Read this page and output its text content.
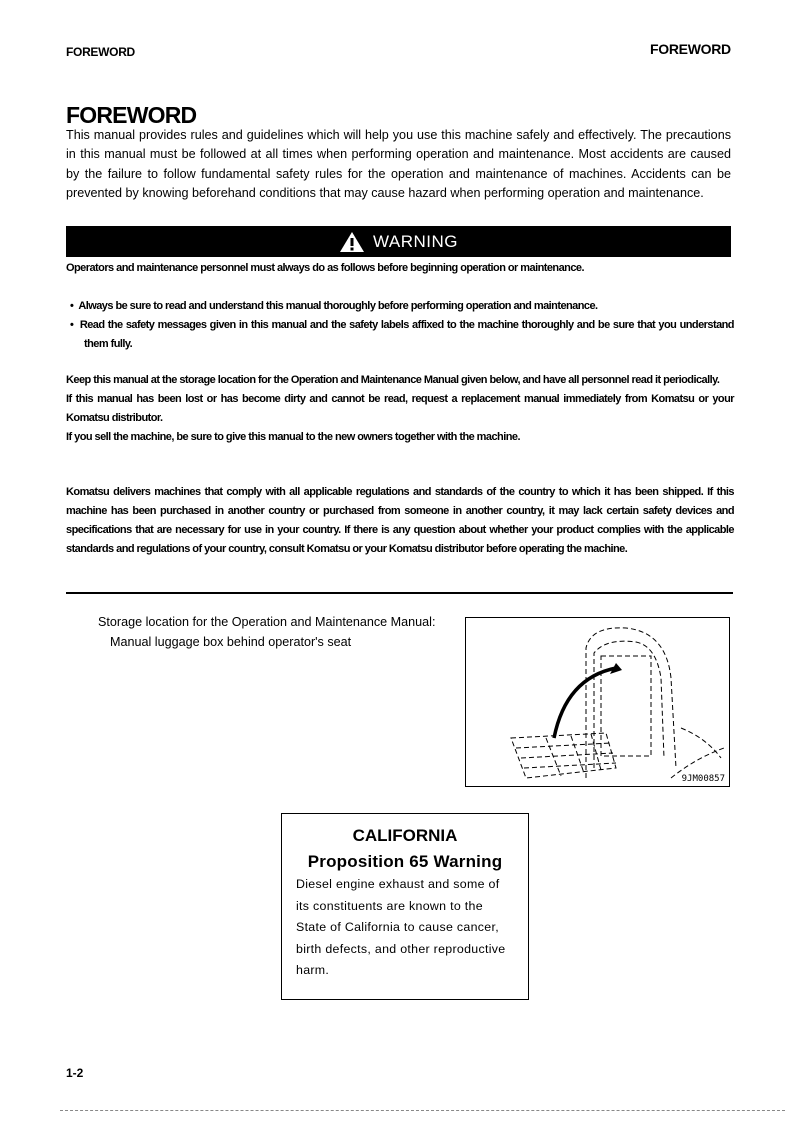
FOREWORD	FOREWORD
FOREWORD
This manual provides rules and guidelines which will help you use this machine safely and effectively. The precautions in this manual must be followed at all times when performing operation and maintenance. Most accidents are caused by the failure to follow fundamental safety rules for the operation and maintenance of machines. Accidents can be prevented by knowing beforehand conditions that may cause hazard when performing operation and maintenance.
WARNING
Operators and maintenance personnel must always do as follows before beginning operation or maintenance.
•  Always be sure to read and understand this manual thoroughly before performing operation and maintenance.
•  Read the safety messages given in this manual and the safety labels affixed to the machine thoroughly and be sure that you understand them fully.
Keep this manual at the storage location for the Operation and Maintenance Manual given below, and have all personnel read it periodically.
If this manual has been lost or has become dirty and cannot be read, request a replacement manual immediately from Komatsu or your Komatsu distributor.
If you sell the machine, be sure to give this manual to the new owners together with the machine.
Komatsu delivers machines that comply with all applicable regulations and standards of the country to which it has been shipped. If this machine has been purchased in another country or purchased from someone in another country, it may lack certain safety devices and specifications that are necessary for use in your country. If there is any question about whether your product complies with the applicable standards and regulations of your country, consult Komatsu or your Komatsu distributor before operating the machine.
Storage location for the Operation and Maintenance Manual:
Manual luggage box behind operator's seat
9JM00857
CALIFORNIA
Proposition 65 Warning

Diesel engine exhaust and some of its constituents are known to the State of California to cause cancer, birth defects, and other reproductive harm.

1-2
